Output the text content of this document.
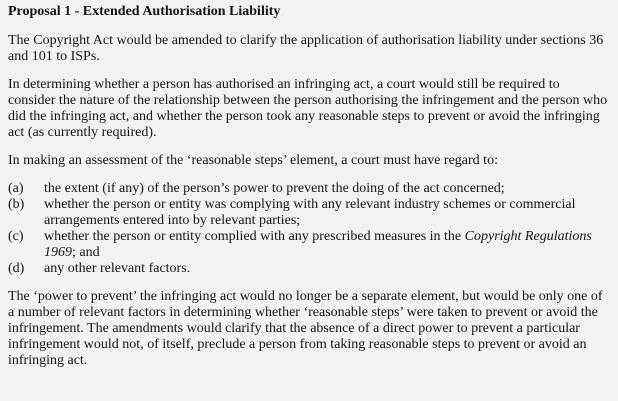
Proposal 1 - Extended Authorisation Liability

The Copyright Act would be amended to clarify the application of authorisation liability under sections 36 and 101 to ISPs.

In determining whether a person has authorised an infringing act, a court would still be required to consider the nature of the relationship between the person authorising the infringement and the person who did the infringing act, and whether the person took any reasonable steps to prevent or avoid the infringing act (as currently required).

In making an assessment of the ‘reasonable steps’ element, a court must have regard to:

(a)	the extent (if any) of the person’s power to prevent the doing of the act concerned;
(b)	whether the person or entity was complying with any relevant industry schemes or commercial arrangements entered into by relevant parties;
(c)	whether the person or entity complied with any prescribed measures in the Copyright Regulations 1969; and
(d)	any other relevant factors.

The ‘power to prevent’ the infringing act would no longer be a separate element, but would be only one of a number of relevant factors in determining whether ‘reasonable steps’ were taken to prevent or avoid the infringement. The amendments would clarify that the absence of a direct power to prevent a particular infringement would not, of itself, preclude a person from taking reasonable steps to prevent or avoid an infringing act.
